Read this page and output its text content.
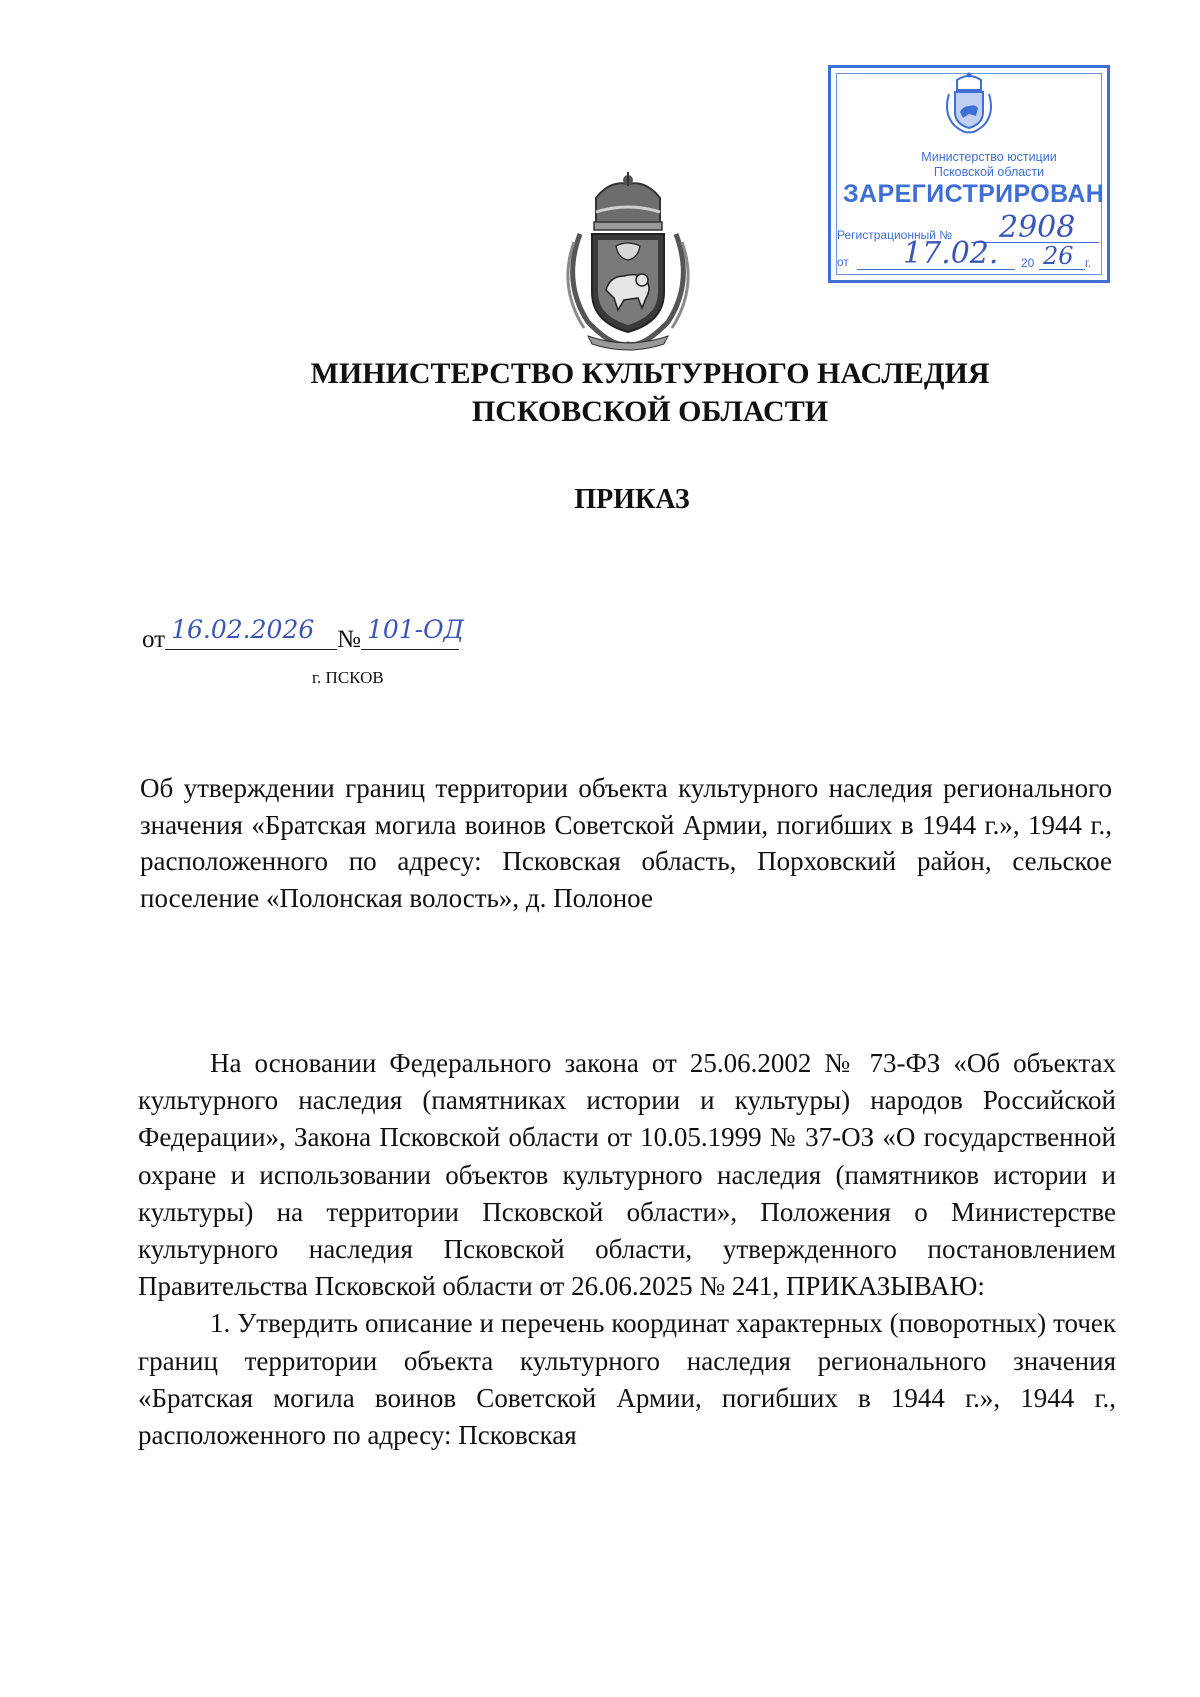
Министерство юстиции
Псковской области
ЗАРЕГИСТРИРОВАН
Регистрационный № 2908
от 17.02. 20 26 г.
МИНИСТЕРСТВО КУЛЬТУРНОГО НАСЛЕДИЯ
ПСКОВСКОЙ ОБЛАСТИ
ПРИКАЗ
от 16.02.2026 № 101-ОД
г. ПСКОВ
Об утверждении границ территории объекта культурного наследия регионального значения «Братская могила воинов Советской Армии, погибших в 1944 г.», 1944 г., расположенного по адресу: Псковская область, Порховский район, сельское поселение «Полонская волость», д. Полоное

На основании Федерального закона от 25.06.2002 № 73-ФЗ «Об объектах культурного наследия (памятниках истории и культуры) народов Российской Федерации», Закона Псковской области от 10.05.1999 № 37-ОЗ «О государственной охране и использовании объектов культурного наследия (памятников истории и культуры) на территории Псковской области», Положения о Министерстве культурного наследия Псковской области, утвержденного постановлением Правительства Псковской области от 26.06.2025 № 241, ПРИКАЗЫВАЮ:

1. Утвердить описание и перечень координат характерных (поворотных) точек границ территории объекта культурного наследия регионального значения «Братская могила воинов Советской Армии, погибших в 1944 г.», 1944 г., расположенного по адресу: Псковская
